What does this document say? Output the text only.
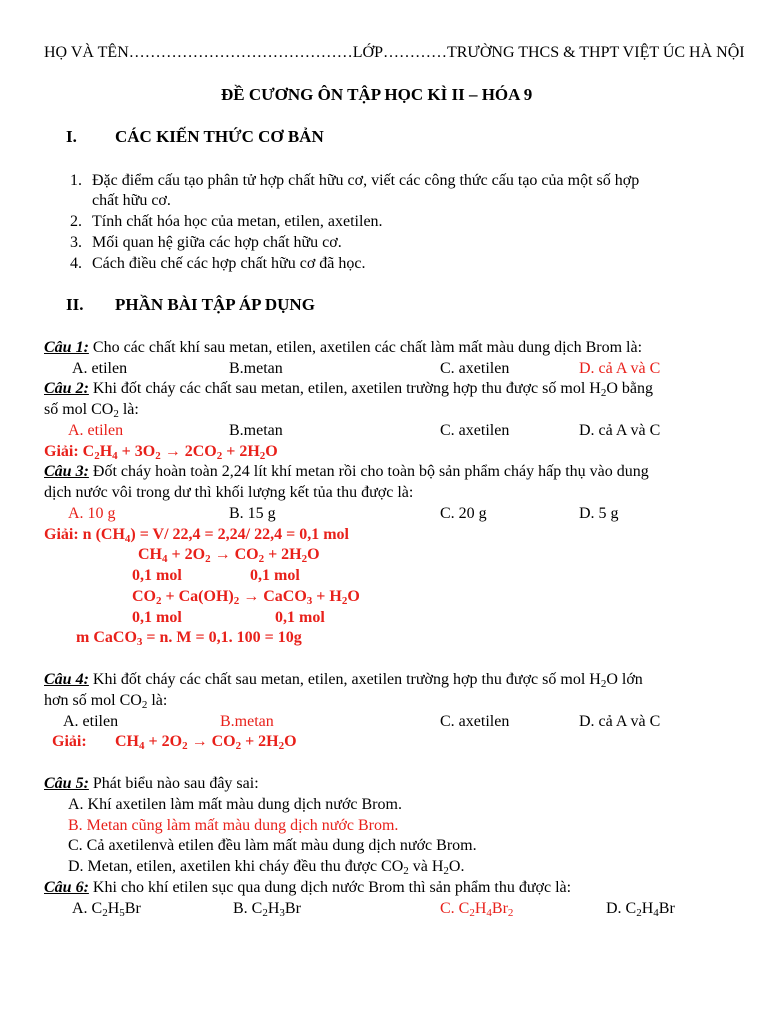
HỌ VÀ TÊN……………………………………LỚP…………TRƯỜNG THCS & THPT VIỆT ÚC HÀ NỘI
ĐỀ CƯƠNG ÔN TẬP HỌC KÌ II – HÓA 9
I. CÁC KIẾN THỨC CƠ BẢN
1. Đặc điểm cấu tạo phân tử hợp chất hữu cơ, viết các công thức cấu tạo của một số hợp
chất hữu cơ.
2. Tính chất hóa học của metan, etilen, axetilen.
3. Mối quan hệ giữa các hợp chất hữu cơ.
4. Cách điều chế các hợp chất hữu cơ đã học.
II. PHẦN BÀI TẬP ÁP DỤNG
Câu 1: Cho các chất khí sau metan, etilen, axetilen các chất làm mất màu dung dịch Brom là:
A. etilen	B.metan	C. axetilen	D. cả A và C
Câu 2: Khi đốt cháy các chất sau metan, etilen, axetilen trường hợp thu được số mol $H_2O$ bằng
số mol $CO_2$ là:
A. etilen	B.metan	C. axetilen	D. cả A và C
Giải: $C_2H_4 + 3O_2 \to 2CO_2 + 2H_2O$
Câu 3: Đốt cháy hoàn toàn 2,24 lít khí metan rồi cho toàn bộ sản phẩm cháy hấp thụ vào dung
dịch nước vôi trong dư thì khối lượng kết tủa thu được là:
A. 10 g	B. 15 g	C. 20 g	D. 5 g
Giải: n $(CH_4) = V/$ 22,4 = 2,24/ 22,4 = 0,1 mol
$CH_4 + 2O_2 \to CO_2 + 2H_2O$
0,1 mol	0,1 mol
$CO_2 + Ca(OH)_2$ → CaCO$_3$ + $H_2O$
0,1 mol	0,1 mol
m CaCO$_3$ = n. M = 0,1. 100 = 10g
Câu 4: Khi đốt cháy các chất sau metan, etilen, axetilen trường hợp thu được số mol $H_2O$ lớn
hơn số mol $CO_2$ là:
A. etilen	B.metan	C. axetilen	D. cả A và C
Giải: $CH_4 + 2O_2 \to CO_2 + 2H_2O$
Câu 5: Phát biểu nào sau đây sai:
A. Khí axetilen làm mất màu dung dịch nước Brom.
B. Metan cũng làm mất màu dung dịch nước Brom.
C. Cả axetilenvà etilen đều làm mất màu dung dịch nước Brom.
D. Metan, etilen, axetilen khi cháy đều thu được $CO_2$ và $H_2O$.
Câu 6: Khi cho khí etilen sục qua dung dịch nước Brom thì sản phẩm thu được là:
A. $C_2H_5Br$	B. $C_2H_3Br$	C. $C_2H_4Br_2$	D. $C_2H_4Br$
